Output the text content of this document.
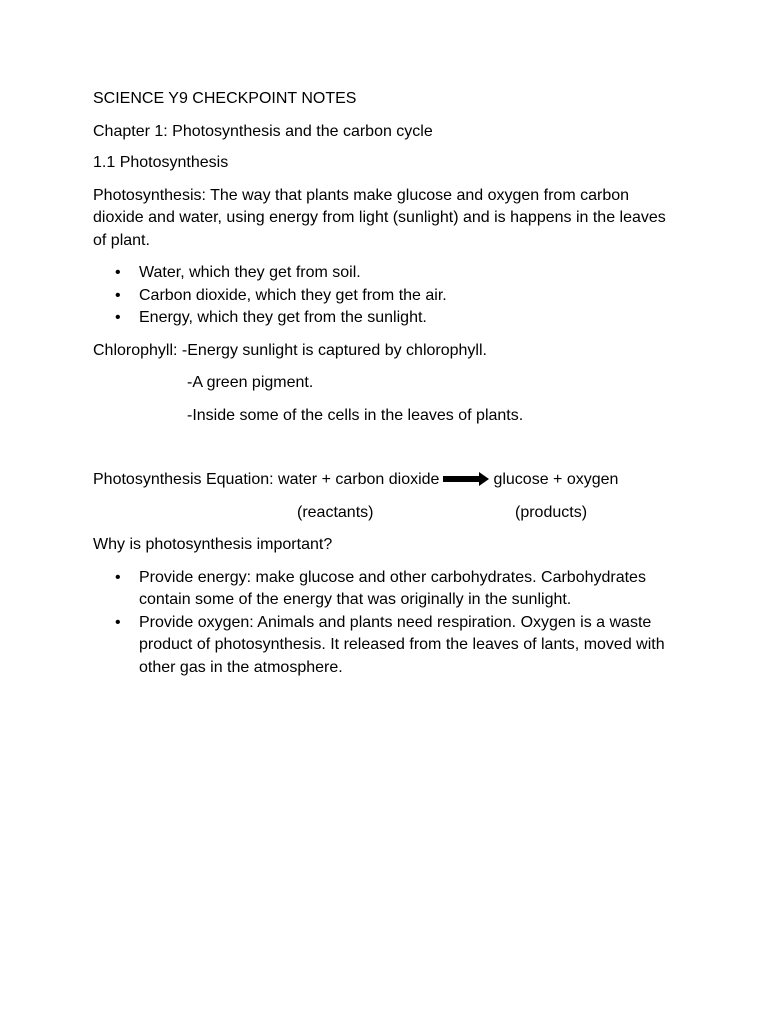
SCIENCE Y9 CHECKPOINT NOTES

Chapter 1: Photosynthesis and the carbon cycle

1.1 Photosynthesis

Photosynthesis: The way that plants make glucose and oxygen from carbon dioxide and water, using energy from light (sunlight) and is happens in the leaves of plant.

• Water, which they get from soil.
• Carbon dioxide, which they get from the air.
• Energy, which they get from the sunlight.

Chlorophyll: -Energy sunlight is captured by chlorophyll.

-A green pigment.

-Inside some of the cells in the leaves of plants.

Photosynthesis Equation: water + carbon dioxide	glucose + oxygen

(reactants)	(products)

Why is photosynthesis important?

• Provide energy: make glucose and other carbohydrates. Carbohydrates contain some of the energy that was originally in the sunlight.
• Provide oxygen: Animals and plants need respiration. Oxygen is a waste product of photosynthesis. It released from the leaves of lants, moved with other gas in the atmosphere.
